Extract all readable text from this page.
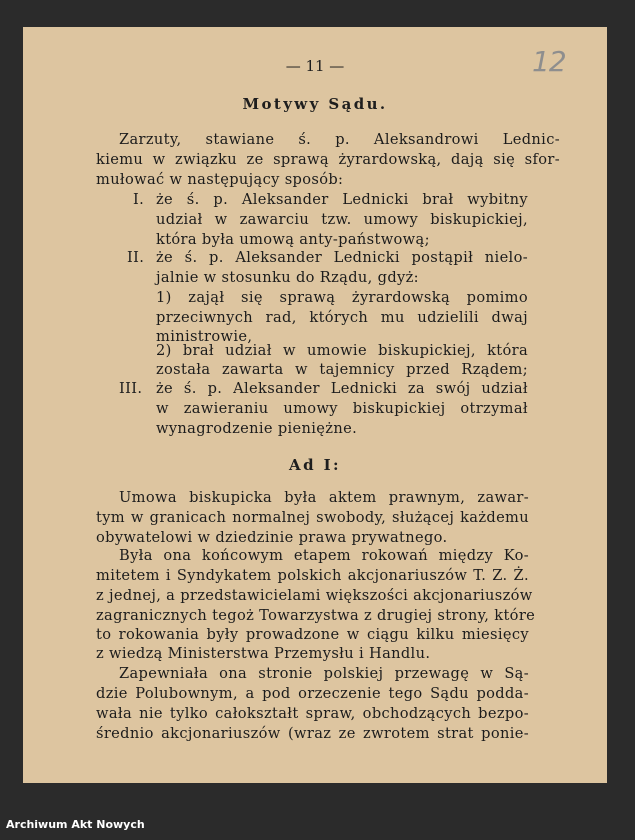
— 11 —	12
Motywy Sądu.
Zarzuty, stawiane ś. p. Aleksandrowi Lednic-
kiemu w związku ze sprawą żyrardowską, dają się sfor-
mułować w następujący sposób:
I. że ś. p. Aleksander Lednicki brał wybitny
udział w zawarciu tzw. umowy biskupickiej,
która była umową anty-państwową;
II. że ś. p. Aleksander Lednicki postąpił nielo-
jalnie w stosunku do Rządu, gdyż:
1) zajął się sprawą żyrardowską pomimo
przeciwnych rad, których mu udzielili dwaj
ministrowie,
2) brał udział w umowie biskupickiej, która
została zawarta w tajemnicy przed Rządem;
III. że ś. p. Aleksander Lednicki za swój udział
w zawieraniu umowy biskupickiej otrzymał
wynagrodzenie pieniężne.
Ad I:
Umowa biskupicka była aktem prawnym, zawar-
tym w granicach normalnej swobody, służącej każdemu
obywatelowi w dziedzinie prawa prywatnego.
Była ona końcowym etapem rokowań między Ko-
mitetem i Syndykatem polskich akcjonariuszów T. Z. Ż.
z jednej, a przedstawicielami większości akcjonariuszów
zagranicznych tegoż Towarzystwa z drugiej strony, które
to rokowania były prowadzone w ciągu kilku miesięcy
z wiedzą Ministerstwa Przemysłu i Handlu.
Zapewniała ona stronie polskiej przewagę w Są-
dzie Polubownym, a pod orzeczenie tego Sądu podda-
wała nie tylko całokształt spraw, obchodzących bezpo-
średnio akcjonariuszów (wraz ze zwrotem strat ponie-
Archiwum Akt Nowych
